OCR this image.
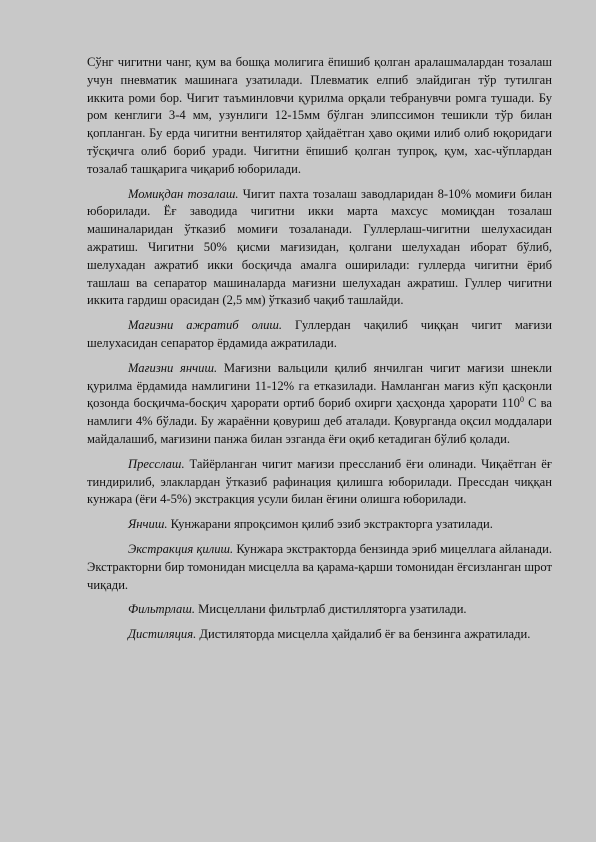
Сўнг чигитни чанг, қум ва бошқа молигига ёпишиб қолган аралашмалардан тозалаш учун пневматик машинага узатилади. Плевматик елпиб элайдиган тўр тутилган иккита роми бор. Чигит таъминловчи қурилма орқали тебранувчи ромга тушади. Бу ром кенглиги 3-4 мм, узунлиги 12-15мм бўлган элипссимон тешикли тўр билан қопланган. Бу ерда чигитни вентилятор ҳайдаётган ҳаво оқими илиб олиб юқоридаги тўсқичга олиб бориб уради. Чигитни ёпишиб қолган тупроқ, қум, хас-чўплардан тозалаб ташқарига чиқариб юборилади.

Момиқдан тозалаш. Чигит пахта тозалаш заводларидан 8-10% момиғи билан юборилади. Ёғ заводида чигитни икки марта махсус момиқдан тозалаш машиналаридан ўтказиб момиғи тозаланади. Гуллерлаш-чигитни шелухасидан ажратиш. Чигитни 50% қисми мағизидан, қолгани шелухадан иборат бўлиб, шелухадан ажратиб икки босқичда амалга оширилади: гуллерда чигитни ёриб ташлаш ва сепаратор машиналарда мағизни шелухадан ажратиш. Гуллер чигитни иккита гардиш орасидан (2,5 мм) ўтказиб чақиб ташлайди.

Мағизни ажратиб олиш. Гуллердан чақилиб чиққан чигит мағизи шелухасидан сепаратор ёрдамида ажратилади.

Мағизни янчиш. Мағизни вальцили қилиб янчилган чигит мағизи шнекли қурилма ёрдамида намлигини 11-12% га етказилади. Намланган мағиз кўп қасқонли қозонда босқичма-босқич ҳарорати ортиб бориб охирги ҳасҳонда ҳарорати $110^0$ С ва намлиги 4% бўлади. Бу жараённи қовуриш деб аталади. Қовурганда оқсил моддалари майдалашиб, мағизини панжа билан эзганда ёғи оқиб кетадиган бўлиб қолади.

Пресслаш. Тайёрланган чигит мағизи прессланиб ёғи олинади. Чиқаётган ёғ тиндирилиб, элаклардан ўтказиб рафинация қилишга юборилади. Прессдан чиққан кунжара (ёғи 4-5%) экстракция усули билан ёғини олишга юборилади.

Янчиш. Кунжарани япроқсимон қилиб эзиб экстракторга узатилади.

Экстракция қилиш. Кунжара экстракторда бензинда эриб мицеллага айланади. Экстракторни бир томонидан мисцелла ва қарама-қарши томонидан ёғсизланган шрот чиқади.

Фильтрлаш. Мисцеллани фильтрлаб дистилляторга узатилади.

Дистиляция. Дистиляторда мисцелла ҳайдалиб ёғ ва бензинга ажратилади.
